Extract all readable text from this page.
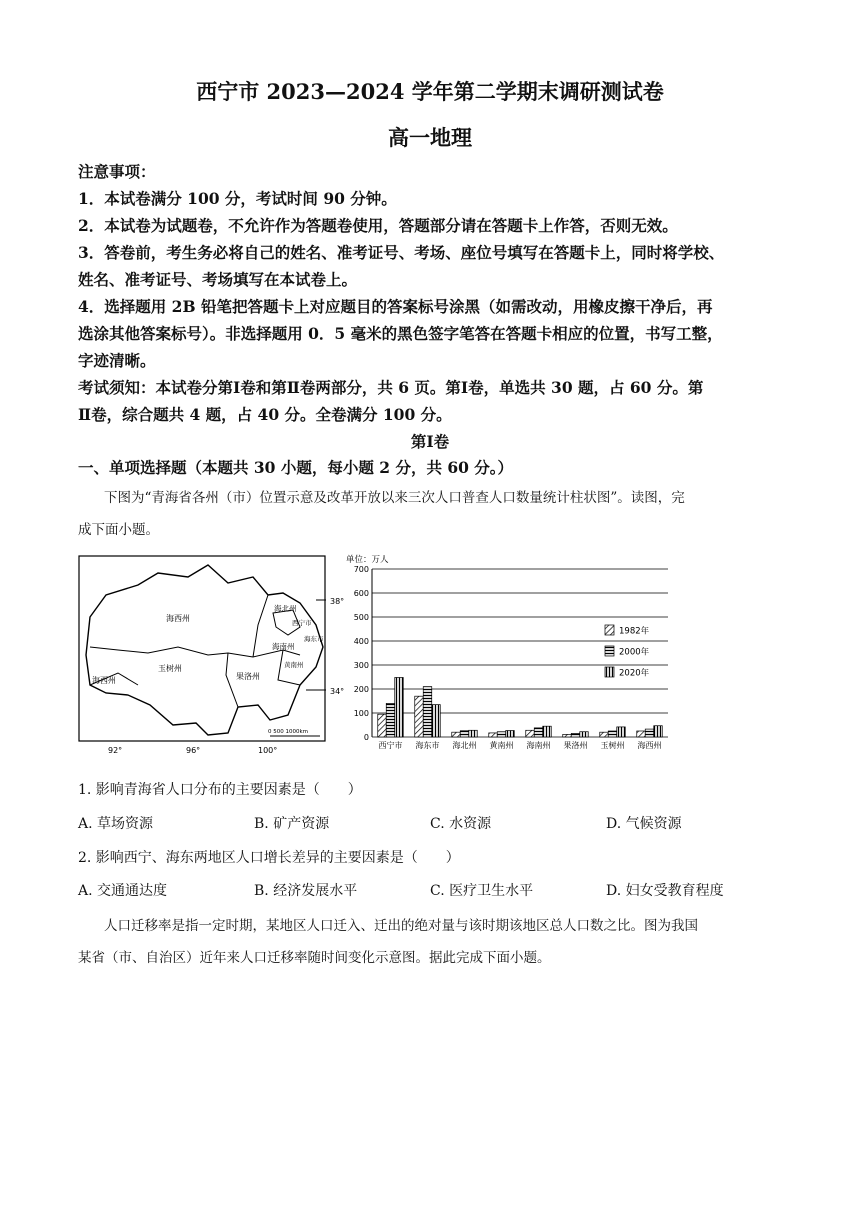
西宁市 2023—2024 学年第二学期末调研测试卷
高一地理
注意事项：
1．本试卷满分 100 分，考试时间 90 分钟。
2．本试卷为试题卷，不允许作为答题卷使用，答题部分请在答题卡上作答，否则无效。
3．答卷前，考生务必将自己的姓名、准考证号、考场、座位号填写在答题卡上，同时将学校、
姓名、准考证号、考场填写在本试卷上。
4．选择题用 2B 铅笔把答题卡上对应题目的答案标号涂黑（如需改动，用橡皮擦干净后，再
选涂其他答案标号）。非选择题用 0．5 毫米的黑色签字笔答在答题卡相应的位置，书写工整，
字迹清晰。
考试须知：本试卷分第Ⅰ卷和第Ⅱ卷两部分，共 6 页。第Ⅰ卷，单选共 30 题，占 60 分。第
Ⅱ卷，综合题共 4 题，占 40 分。全卷满分 100 分。
第Ⅰ卷
一、单项选择题（本题共 30 小题，每小题 2 分，共 60 分。）
下图为“青海省各州（市）位置示意及改革开放以来三次人口普查人口数量统计柱状图”。读图，完
成下面小题。
海西州
海北州
西宁市
海东市
海南州
黄南州
玉树州
果洛州
海西州
38°
34°
92°	96°	100°
0 500 1000km
单位：万人
0
100
200
300
400
500
600
700
西宁市 海东市 海北州 黄南州 海南州 果洛州 玉树州 海西州
1982年
2000年
2020年
1. 影响青海省人口分布的主要因素是（　　）
A. 草场资源	B. 矿产资源	C. 水资源	D. 气候资源
2. 影响西宁、海东两地区人口增长差异的主要因素是（　　）
A. 交通通达度	B. 经济发展水平	C. 医疗卫生水平	D. 妇女受教育程度
人口迁移率是指一定时期，某地区人口迁入、迁出的绝对量与该时期该地区总人口数之比。图为我国
某省（市、自治区）近年来人口迁移率随时间变化示意图。据此完成下面小题。
